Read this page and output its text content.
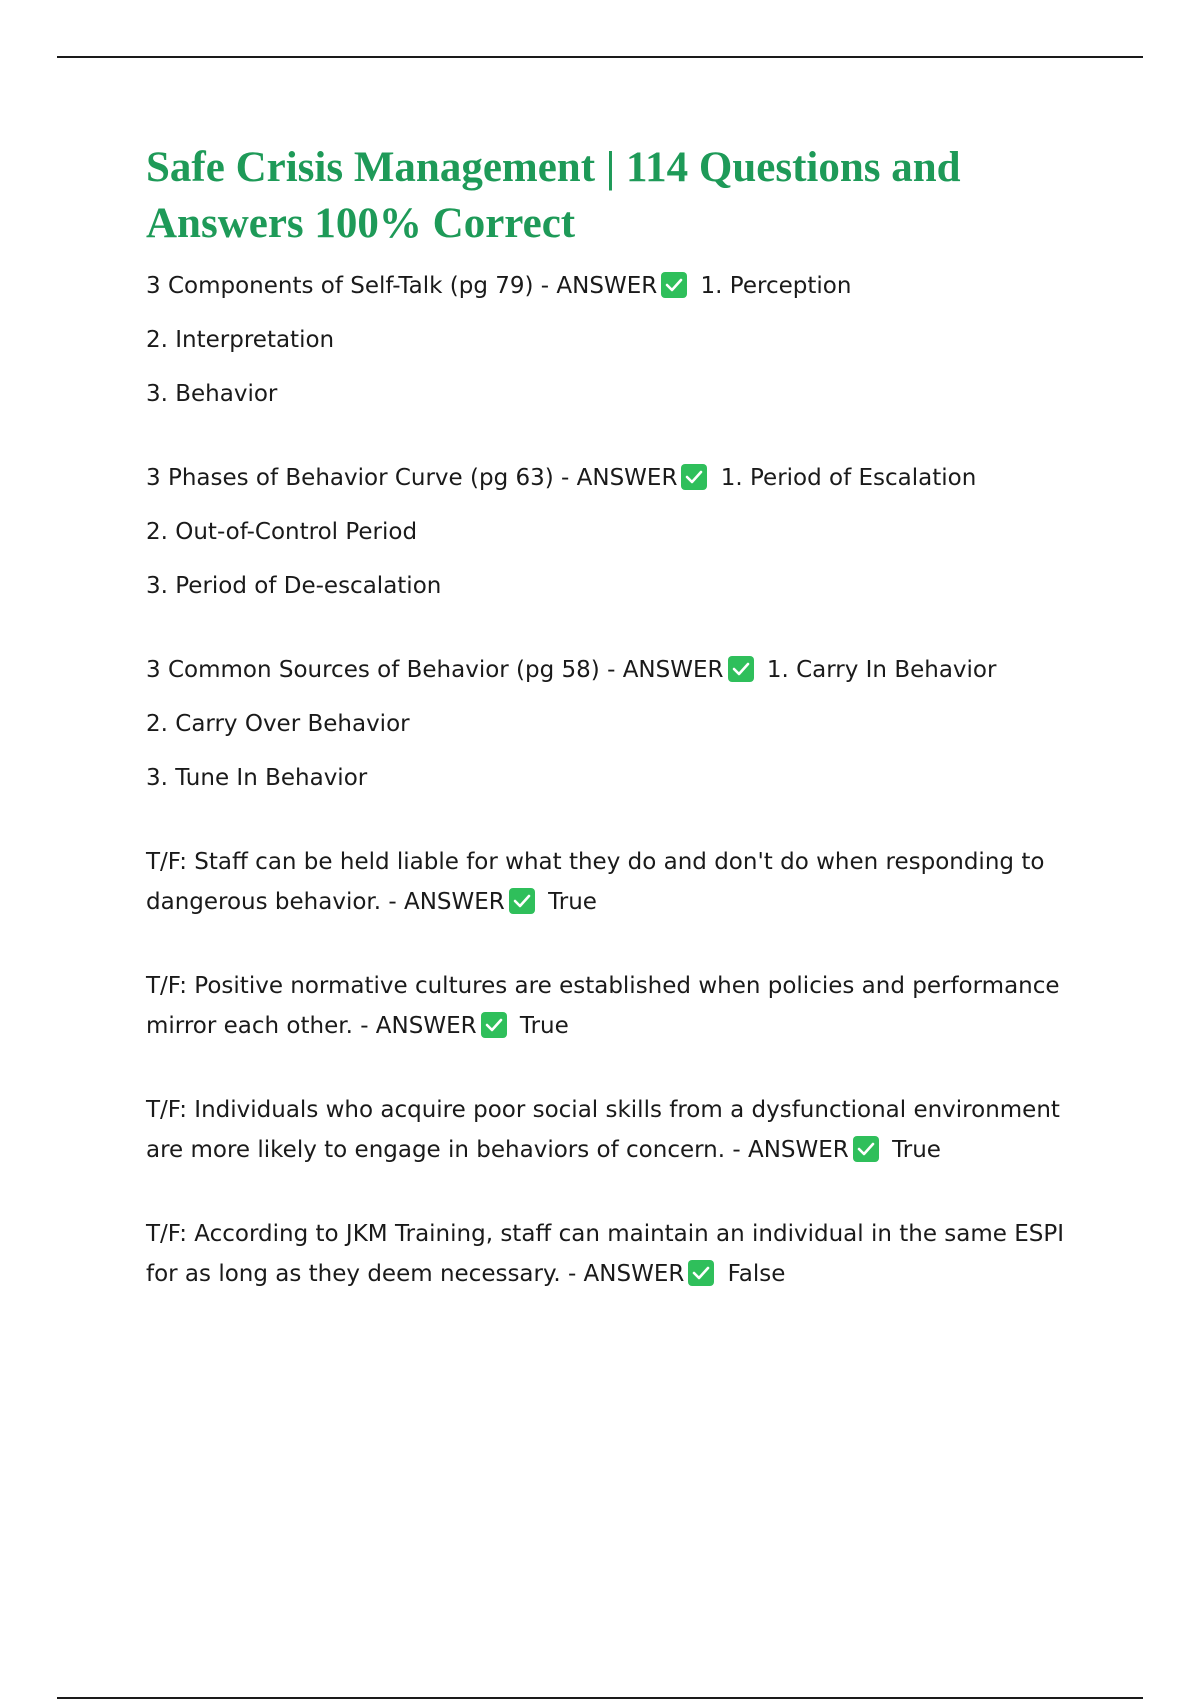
Safe Crisis Management | 114 Questions and Answers 100% Correct
3 Components of Self-Talk (pg 79) - ANSWER 1. Perception
2. Interpretation
3. Behavior
3 Phases of Behavior Curve (pg 63) - ANSWER 1. Period of Escalation
2. Out-of-Control Period
3. Period of De-escalation
3 Common Sources of Behavior (pg 58) - ANSWER 1. Carry In Behavior
2. Carry Over Behavior
3. Tune In Behavior
T/F: Staff can be held liable for what they do and don't do when responding to dangerous behavior. - ANSWER True
T/F: Positive normative cultures are established when policies and performance mirror each other. - ANSWER True
T/F: Individuals who acquire poor social skills from a dysfunctional environment are more likely to engage in behaviors of concern. - ANSWER True
T/F: According to JKM Training, staff can maintain an individual in the same ESPI for as long as they deem necessary. - ANSWER False
